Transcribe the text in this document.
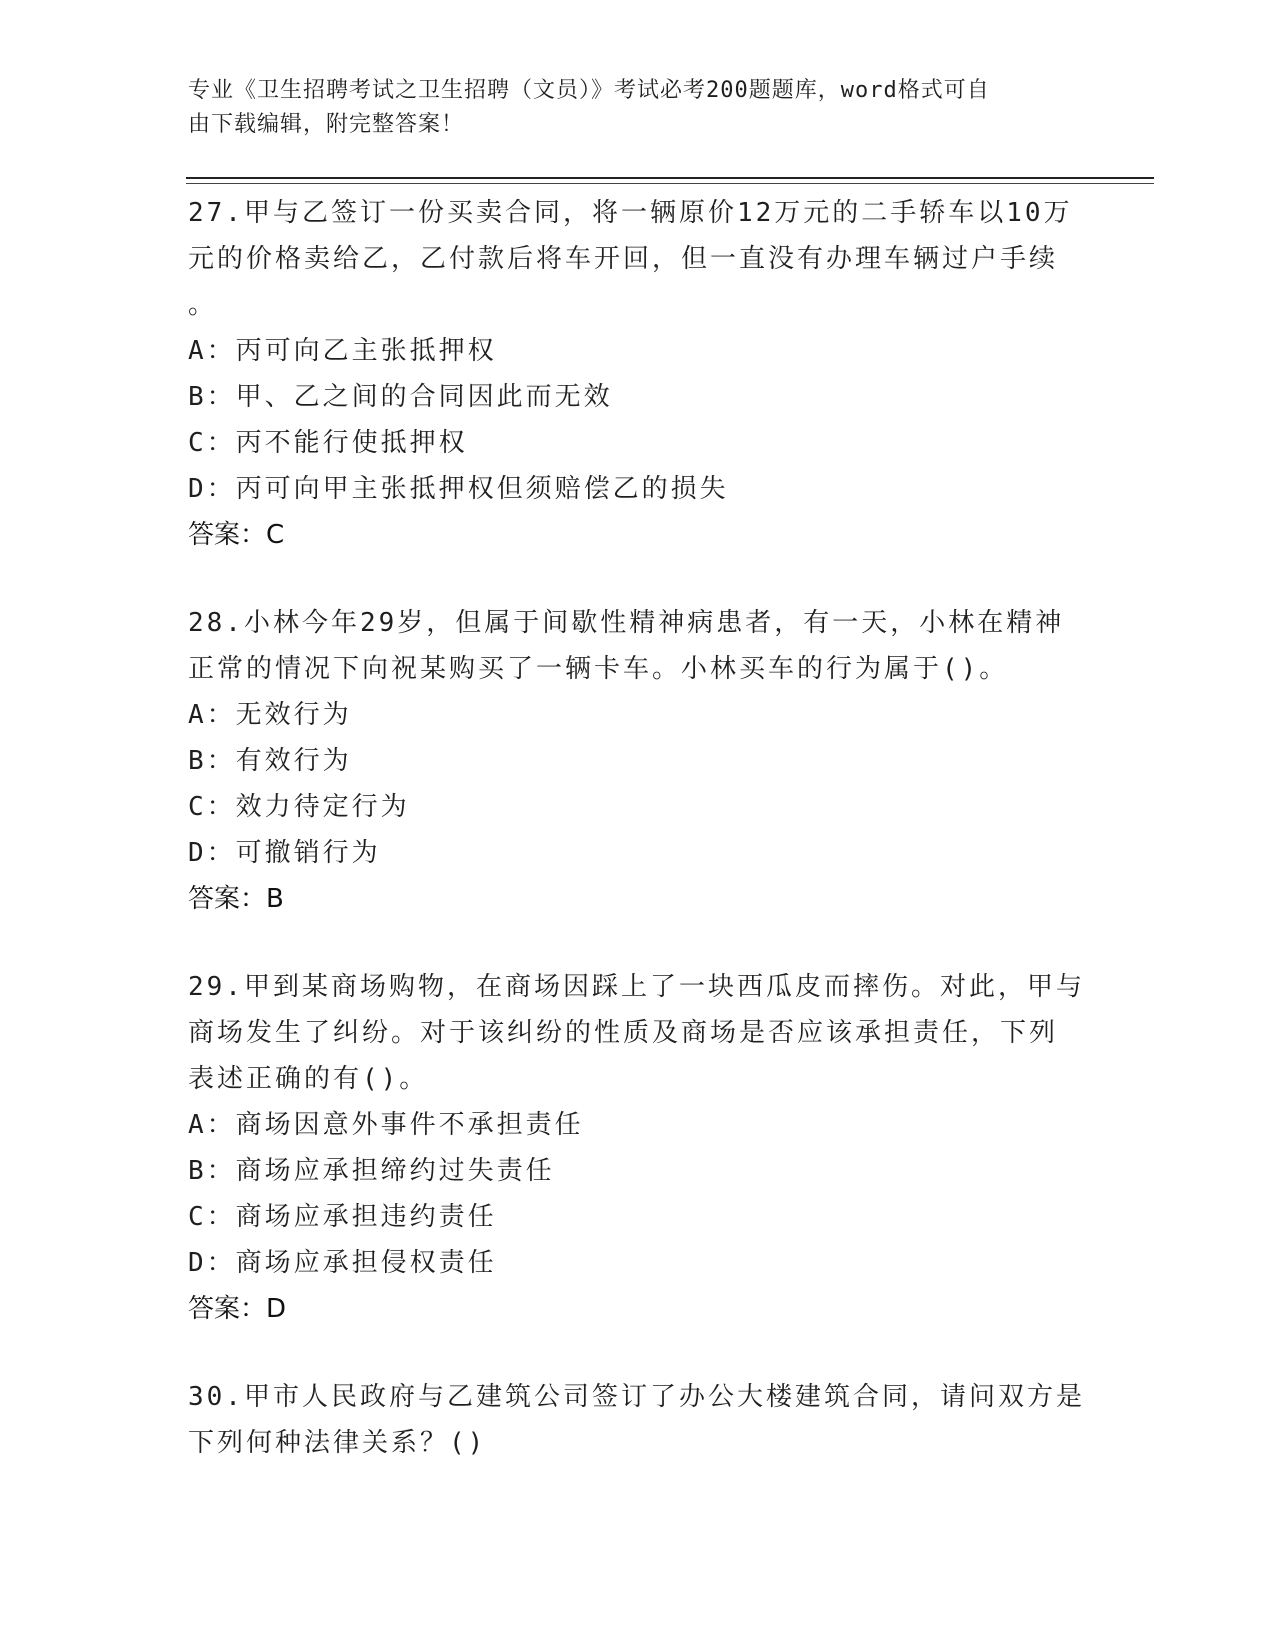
专业《卫生招聘考试之卫生招聘（文员）》考试必考200题题库，word格式可自
由下载编辑，附完整答案！

27.甲与乙签订一份买卖合同，将一辆原价12万元的二手轿车以10万

元的价格卖给乙，乙付款后将车开回，但一直没有办理车辆过户手续

。

A：丙可向乙主张抵押权

B：甲、乙之间的合同因此而无效

C：丙不能行使抵押权

D：丙可向甲主张抵押权但须赔偿乙的损失

答案：C

28.小林今年29岁，但属于间歇性精神病患者，有一天，小林在精神

正常的情况下向祝某购买了一辆卡车。小林买车的行为属于()。

A：无效行为

B：有效行为

C：效力待定行为

D：可撤销行为

答案：B

29.甲到某商场购物，在商场因踩上了一块西瓜皮而摔伤。对此，甲与

商场发生了纠纷。对于该纠纷的性质及商场是否应该承担责任，下列

表述正确的有()。

A：商场因意外事件不承担责任

B：商场应承担缔约过失责任

C：商场应承担违约责任

D：商场应承担侵权责任

答案：D

30.甲市人民政府与乙建筑公司签订了办公大楼建筑合同，请问双方是

下列何种法律关系？()
